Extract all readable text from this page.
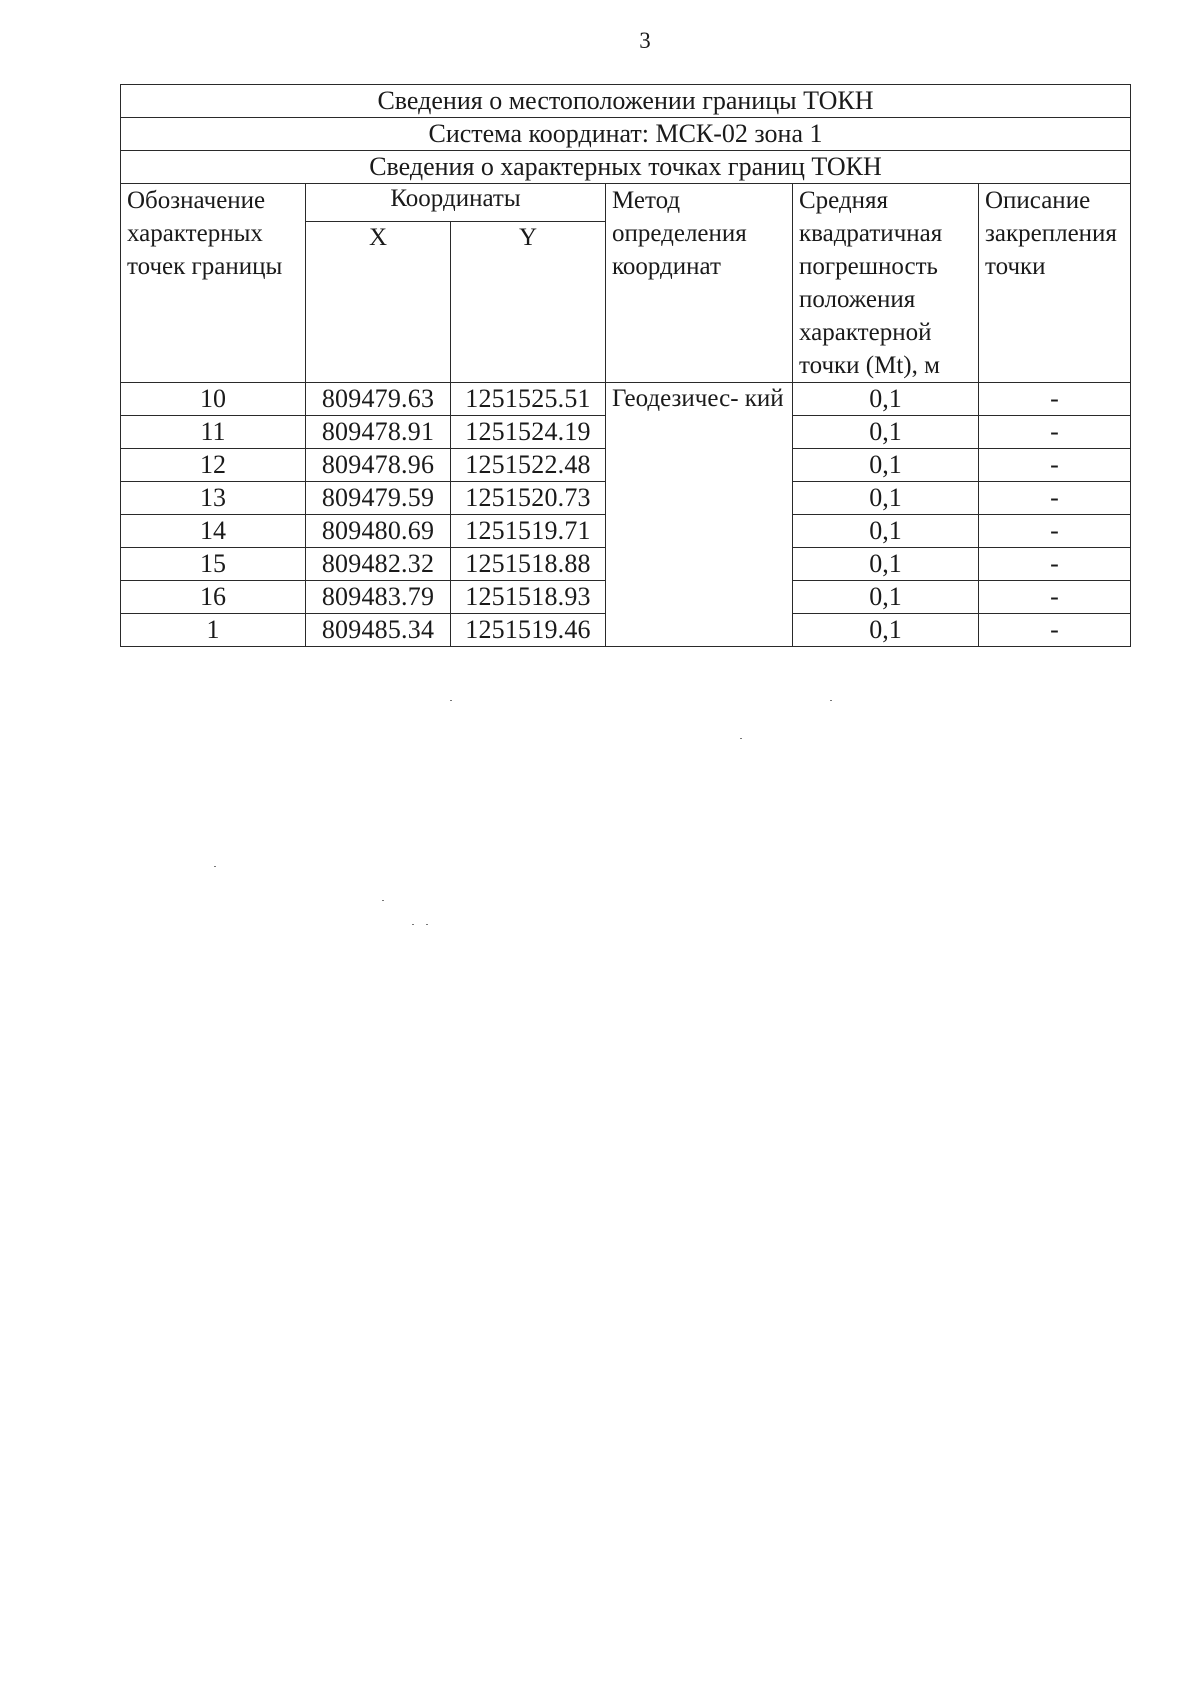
3
Сведения о местоположении границы ТОКН					
Система координат: МСК-02 зона 1					
Сведения о характерных точках границ ТОКН					
Обозначение характерных точек границы	Координаты		Метод определения координат	Средняя квадратичная погрешность положения характерной точки (Mt), м	Описание закрепления точки
	X	Y			
10	809479.63	1251525.51	Геодезичес- кий	0,1	-
11	809478.91	1251524.19		0,1	-
12	809478.96	1251522.48		0,1	-
13	809479.59	1251520.73		0,1	-
14	809480.69	1251519.71		0,1	-
15	809482.32	1251518.88		0,1	-
16	809483.79	1251518.93		0,1	-
1	809485.34	1251519.46		0,1	-
